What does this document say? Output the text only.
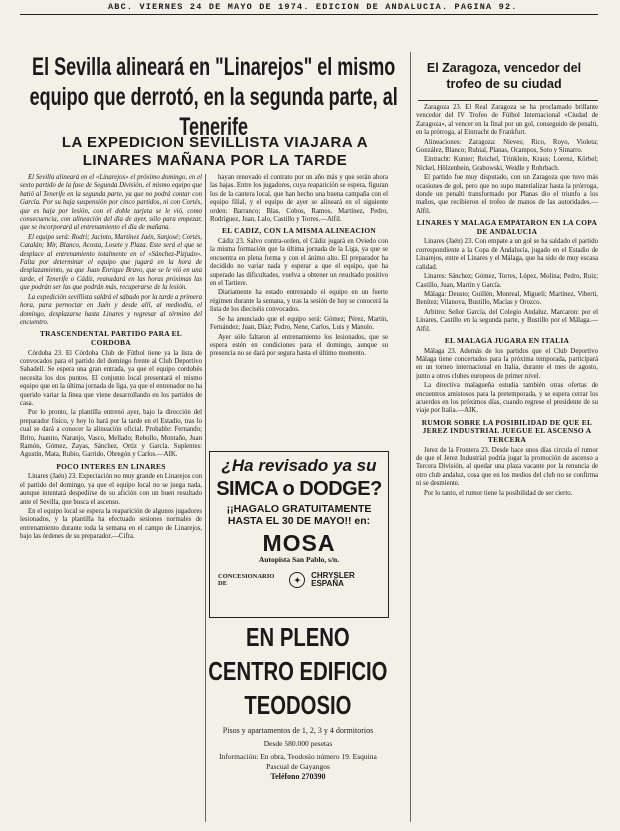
ABC. VIERNES 24 DE MAYO DE 1974. EDICION DE ANDALUCIA. PAGINA 92.
El Sevilla alineará en "Linarejos" el mismo equipo que derrotó, en la segunda parte, al Tenerife
LA EXPEDICION SEVILLISTA VIAJARA A LINARES MAÑANA POR LA TARDE

El Sevilla alineará en el «Linarejos» el próximo domingo, en el sexto partido de la fase de Segunda División, el mismo equipo que batió al Tenerife en la segunda parte, ya que no podrá contar con García. Por su baja suspensión por cinco partidos, ni con Cortés, que es baja por lesión, con el doble tarjeta se le vió, como consecuencia, con alineación del día de ayer, sólo para empezar, que se incorporará al entrenamiento el día de mañana.

El equipo será: Rodri; Jacinto, Martínez Jaén, Sanjosé; Cortés, Catalán; Mir, Blanco, Acosta, Losete y Plaza. Este será el que se desplace al entrenamiento totalmente en el «Sánchez-Pizjuán». Falta por determinar el equipo que jugará en la hora de desplazamiento, ya que Juan Enrique Bravo, que se le vió en una tarde, el Tenerife o Cádiz, reanudará en las horas próximas las que podrán ser las que podrán más, recuperarse de la lesión.

La expedición sevillista saldrá el sábado por la tarde a primera hora, para pernoctar en Jaén y desde allí, al mediodía, el domingo, desplazarse hasta Linares y regresar al término del encuentro.

TRASCENDENTAL PARTIDO PARA EL CORDOBA

Córdoba 23. El Córdoba Club de Fútbol tiene ya la lista de convocados para el partido del domingo frente al Club Deportivo Sabadell. Se espera una gran entrada, ya que el equipo cordobés necesita los dos puntos. El conjunto local presentará el mismo equipo que en la última jornada de liga, ya que el entrenador no ha querido variar la línea que viene desarrollando en los partidos de casa.

Por lo pronto, la plantilla entrenó ayer, bajo la dirección del preparador físico, y hoy lo hará por la tarde en el Estadio, tras lo cual se dará a conocer la alineación oficial. Probable: Fernando; Brito, Juanito, Naranjo, Vasco, Mellado; Rebollo, Montaño, Juan Ramón, Gómez, Zayas, Sánchez, Ortiz y García. Suplentes: Agustín, Mata, Rubio, Garrido, Obregón y Carlos.—AIK.

POCO INTERES EN LINARES

Linares (Jaén) 23. Expectación no muy grande en Linarejos con el partido del domingo, ya que el equipo local no se juega nada, aunque intentará despedirse de su afición con un buen resultado ante el Sevilla, que busca el ascenso.

En el equipo local se espera la reaparición de algunos jugadores lesionados, y la plantilla ha efectuado sesiones normales de entrenamiento durante toda la semana en el campo de Linarejos, bajo las órdenes de su preparador.—Cifra.

hayan renovado el contrato por un año más y que serán ahora las bajas. Entre los jugadores, cuya reaparición se espera, figuran los de la cantera local, que han hecho una buena campaña con el equipo filial, y el equipo de ayer se alineará en el siguiente orden: Barranco; Blas, Cobos, Ramos, Martínez, Pedro, Rodríguez, Juan, Lalo, Castillo y Torres.—Alfil.

EL CADIZ, CON LA MISMA ALINEACION

Cádiz 23. Salvo contra-orden, el Cádiz jugará en Oviedo con la misma formación que la última jornada de la Liga, ya que se encuentra en plena forma y con el ánimo alto. El preparador ha decidido no variar nada y esperar a que el equipo, que ha superado las dificultades, vuelva a obtener un resultado positivo en el Tartiere.

Diariamente ha estado entrenando el equipo en un fuerte régimen durante la semana, y tras la sesión de hoy se conocerá la lista de los dieciséis convocados.

Se ha anunciado que el equipo será: Gómez; Pérez, Martín, Fernández; Juan, Díaz; Pedro, Nene, Carlos, Luis y Manolo.

Ayer sólo faltaron al entrenamiento los lesionados, que se espera estén en condiciones para el domingo, aunque su presencia no se dará por segura hasta el último momento.

¿Ha revisado ya su
SIMCA o DODGE?
¡¡HAGALO GRATUITAMENTE HASTA EL 30 DE MAYO!! en:
MOSA
Autopista San Pablo, s/n.
CONCESIONARIO DE	✦	CHRYSLER ESPAÑA
EN PLENO CENTRO EDIFICIO TEODOSIO
Pisos y apartamentos de 1, 2, 3 y 4 dormitorios
Desde 580.000 pesetas
Información: En obra, Teodosio número 19. Esquina Pascual de Gayangos
Teléfono 270390
El Zaragoza, vencedor del trofeo de su ciudad

Zaragoza 23. El Real Zaragoza se ha proclamado brillante vencedor del IV Trofeo de Fútbol Internacional «Ciudad de Zaragoza», al vencer en la final por un gol, conseguido de penalti, en la prórroga, al Eintracht de Frankfurt.

Alineaciones: Zaragoza: Nieves; Rico, Royo, Violeta; González, Blanco; Rubial, Planas, Ocampos, Soto y Simarro.

Eintracht: Kunter; Reichel, Trinklein, Kraus; Lorenz, Körbel; Nickel, Hölzenbein, Grabowski, Weidle y Rohrbach.

El partido fue muy disputado, con un Zaragoza que tuvo más ocasiones de gol, pero que no supo materializar hasta la prórroga, donde un penalti transformado por Planas dio el triunfo a los maños, que recibieron el trofeo de manos de las autoridades.—Alfil.

LINARES Y MALAGA EMPATARON EN LA COPA DE ANDALUCIA

Linares (Jaén) 23. Con empate a un gol se ha saldado el partido correspondiente a la Copa de Andalucía, jugado en el Estadio de Linarejos, entre el Linares y el Málaga, que ha sido de muy escasa calidad.

Linares: Sánchez; Gómez, Torres, López, Molina; Pedro, Ruiz; Castillo, Juan, Martín y García.

Málaga: Deusto; Guillén, Monreal, Migueli; Martínez, Viberti, Benítez; Vilanova, Bustillo, Macías y Orozco.

Arbitro: Señor García, del Colegio Andaluz. Marcaron: por el Linares, Castillo en la segunda parte, y Bustillo por el Málaga.—Alfil.

EL MALAGA JUGARA EN ITALIA

Málaga 23. Además de los partidos que el Club Deportivo Málaga tiene concertados para la próxima temporada, participará en un torneo internacional en Italia, durante el mes de agosto, junto a otros clubes europeos de primer nivel.

La directiva malagueña estudia también otras ofertas de encuentros amistosos para la pretemporada, y se espera cerrar los acuerdos en los próximos días, cuando regrese el presidente de su viaje por Italia.—AIK.

RUMOR SOBRE LA POSIBILIDAD DE QUE EL JEREZ INDUSTRIAL JUEGUE EL ASCENSO A TERCERA

Jerez de la Frontera 23. Desde hace unos días circula el rumor de que el Jerez Industrial podría jugar la promoción de ascenso a Tercera División, al quedar una plaza vacante por la renuncia de otro club andaluz, cosa que en los medios del club no se confirma ni se desmiente.

Por lo tanto, el rumor tiene la posibilidad de ser cierto.
